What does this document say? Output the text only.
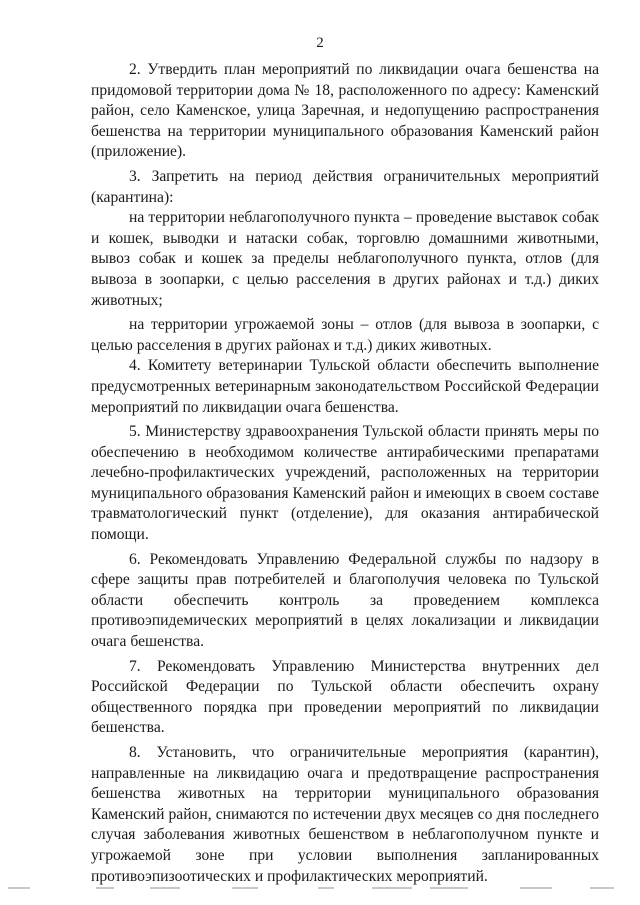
2

2. Утвердить план мероприятий по ликвидации очага бешенства на придомовой территории дома № 18, расположенного по адресу: Каменский район, село Каменское, улица Заречная, и недопущению распространения бешенства на территории муниципального образования Каменский район (приложение).

3. Запретить на период действия ограничительных мероприятий (карантина):

на территории неблагополучного пункта – проведение выставок собак и кошек, выводки и натаски собак, торговлю домашними животными, вывоз собак и кошек за пределы неблагополучного пункта, отлов (для вывоза в зоопарки, с целью расселения в других районах и т.д.) диких животных;

на территории угрожаемой зоны – отлов (для вывоза в зоопарки, с целью расселения в других районах и т.д.) диких животных.

4. Комитету ветеринарии Тульской области обеспечить выполнение предусмотренных ветеринарным законодательством Российской Федерации мероприятий по ликвидации очага бешенства.

5. Министерству здравоохранения Тульской области принять меры по обеспечению в необходимом количестве антирабическими препаратами лечебно-профилактических учреждений, расположенных на территории муниципального образования Каменский район и имеющих в своем составе травматологический пункт (отделение), для оказания антирабической помощи.

6. Рекомендовать Управлению Федеральной службы по надзору в сфере защиты прав потребителей и благополучия человека по Тульской области обеспечить контроль за проведением комплекса противоэпидемических мероприятий в целях локализации и ликвидации очага бешенства.

7. Рекомендовать Управлению Министерства внутренних дел Российской Федерации по Тульской области обеспечить охрану общественного порядка при проведении мероприятий по ликвидации бешенства.

8. Установить, что ограничительные мероприятия (карантин), направленные на ликвидацию очага и предотвращение распространения бешенства животных на территории муниципального образования Каменский район, снимаются по истечении двух месяцев со дня последнего случая заболевания животных бешенством в неблагополучном пункте и угрожаемой зоне при условии выполнения запланированных противоэпизоотических и профилактических мероприятий.
